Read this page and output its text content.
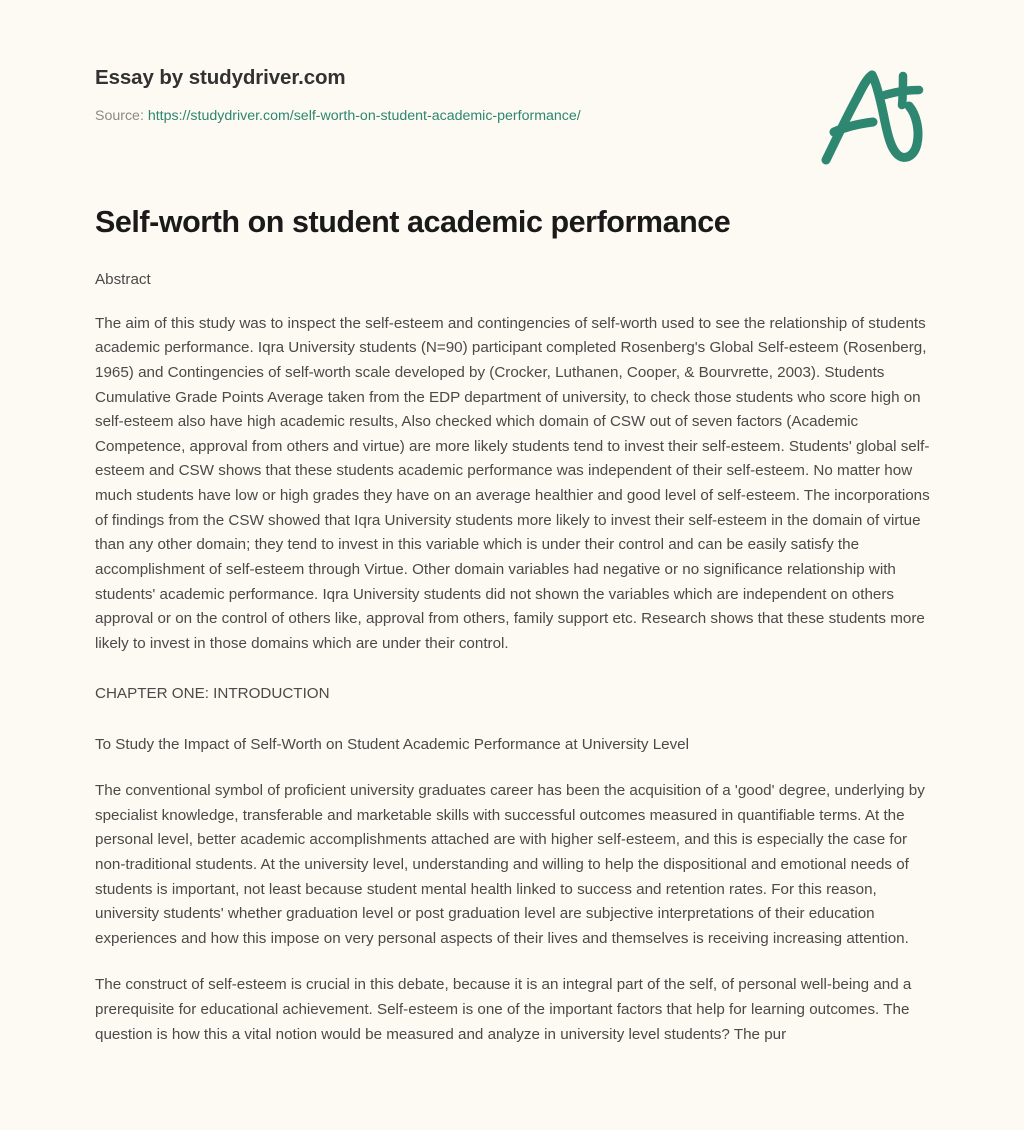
Essay by studydriver.com
Source: https://studydriver.com/self-worth-on-student-academic-performance/
Self-worth on student academic performance
Abstract

The aim of this study was to inspect the self-esteem and contingencies of self-worth used to see the relationship of students academic performance. Iqra University students (N=90) participant completed Rosenberg's Global Self-esteem (Rosenberg, 1965) and Contingencies of self-worth scale developed by (Crocker, Luthanen, Cooper, & Bourvrette, 2003). Students Cumulative Grade Points Average taken from the EDP department of university, to check those students who score high on self-esteem also have high academic results, Also checked which domain of CSW out of seven factors (Academic Competence, approval from others and virtue) are more likely students tend to invest their self-esteem. Students' global self-esteem and CSW shows that these students academic performance was independent of their self-esteem. No matter how much students have low or high grades they have on an average healthier and good level of self-esteem. The incorporations of findings from the CSW showed that Iqra University students more likely to invest their self-esteem in the domain of virtue than any other domain; they tend to invest in this variable which is under their control and can be easily satisfy the accomplishment of self-esteem through Virtue. Other domain variables had negative or no significance relationship with students' academic performance. Iqra University students did not shown the variables which are independent on others approval or on the control of others like, approval from others, family support etc. Research shows that these students more likely to invest in those domains which are under their control.

CHAPTER ONE: INTRODUCTION
To Study the Impact of Self-Worth on Student Academic Performance at University Level

The conventional symbol of proficient university graduates career has been the acquisition of a 'good' degree, underlying by specialist knowledge, transferable and marketable skills with successful outcomes measured in quantifiable terms. At the personal level, better academic accomplishments attached are with higher self-esteem, and this is especially the case for non-traditional students. At the university level, understanding and willing to help the dispositional and emotional needs of students is important, not least because student mental health linked to success and retention rates. For this reason, university students' whether graduation level or post graduation level are subjective interpretations of their education experiences and how this impose on very personal aspects of their lives and themselves is receiving increasing attention.

The construct of self-esteem is crucial in this debate, because it is an integral part of the self, of personal well-being and a prerequisite for educational achievement. Self-esteem is one of the important factors that help for learning outcomes. The question is how this a vital notion would be measured and analyze in university level students? The pur
